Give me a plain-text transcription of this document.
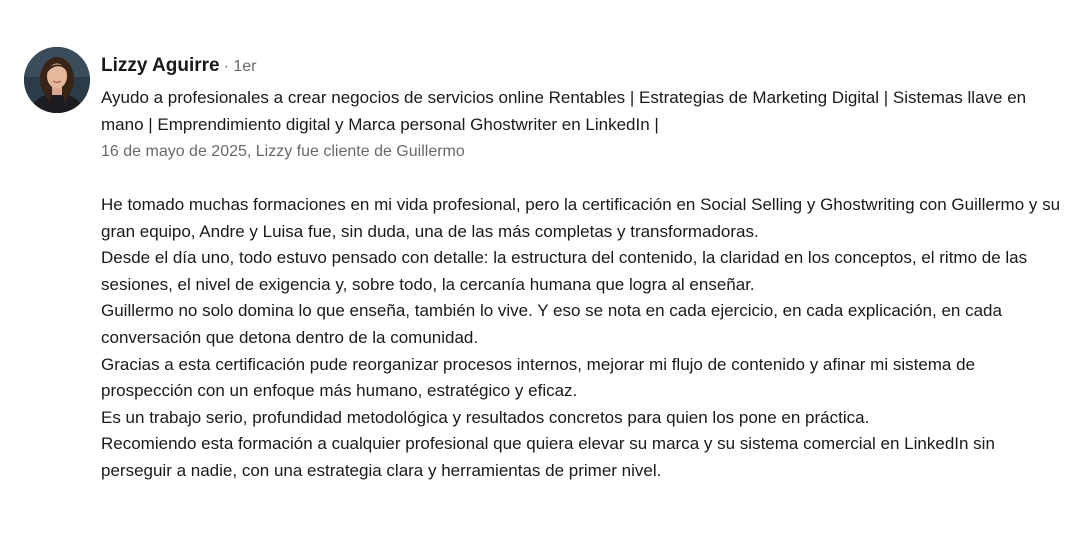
Lizzy Aguirre · 1er
Ayudo a profesionales a crear negocios de servicios online Rentables | Estrategias de Marketing Digital | Sistemas llave en mano | Emprendimiento digital y Marca personal Ghostwriter en LinkedIn |
16 de mayo de 2025, Lizzy fue cliente de Guillermo

He tomado muchas formaciones en mi vida profesional, pero la certificación en Social Selling y Ghostwriting con Guillermo y su gran equipo, Andre y Luisa fue, sin duda, una de las más completas y transformadoras.

Desde el día uno, todo estuvo pensado con detalle: la estructura del contenido, la claridad en los conceptos, el ritmo de las sesiones, el nivel de exigencia y, sobre todo, la cercanía humana que logra al enseñar.

Guillermo no solo domina lo que enseña, también lo vive. Y eso se nota en cada ejercicio, en cada explicación, en cada conversación que detona dentro de la comunidad.

Gracias a esta certificación pude reorganizar procesos internos, mejorar mi flujo de contenido y afinar mi sistema de prospección con un enfoque más humano, estratégico y eficaz.

Es un trabajo serio, profundidad metodológica y resultados concretos para quien los pone en práctica.

Recomiendo esta formación a cualquier profesional que quiera elevar su marca y su sistema comercial en LinkedIn sin perseguir a nadie, con una estrategia clara y herramientas de primer nivel.
